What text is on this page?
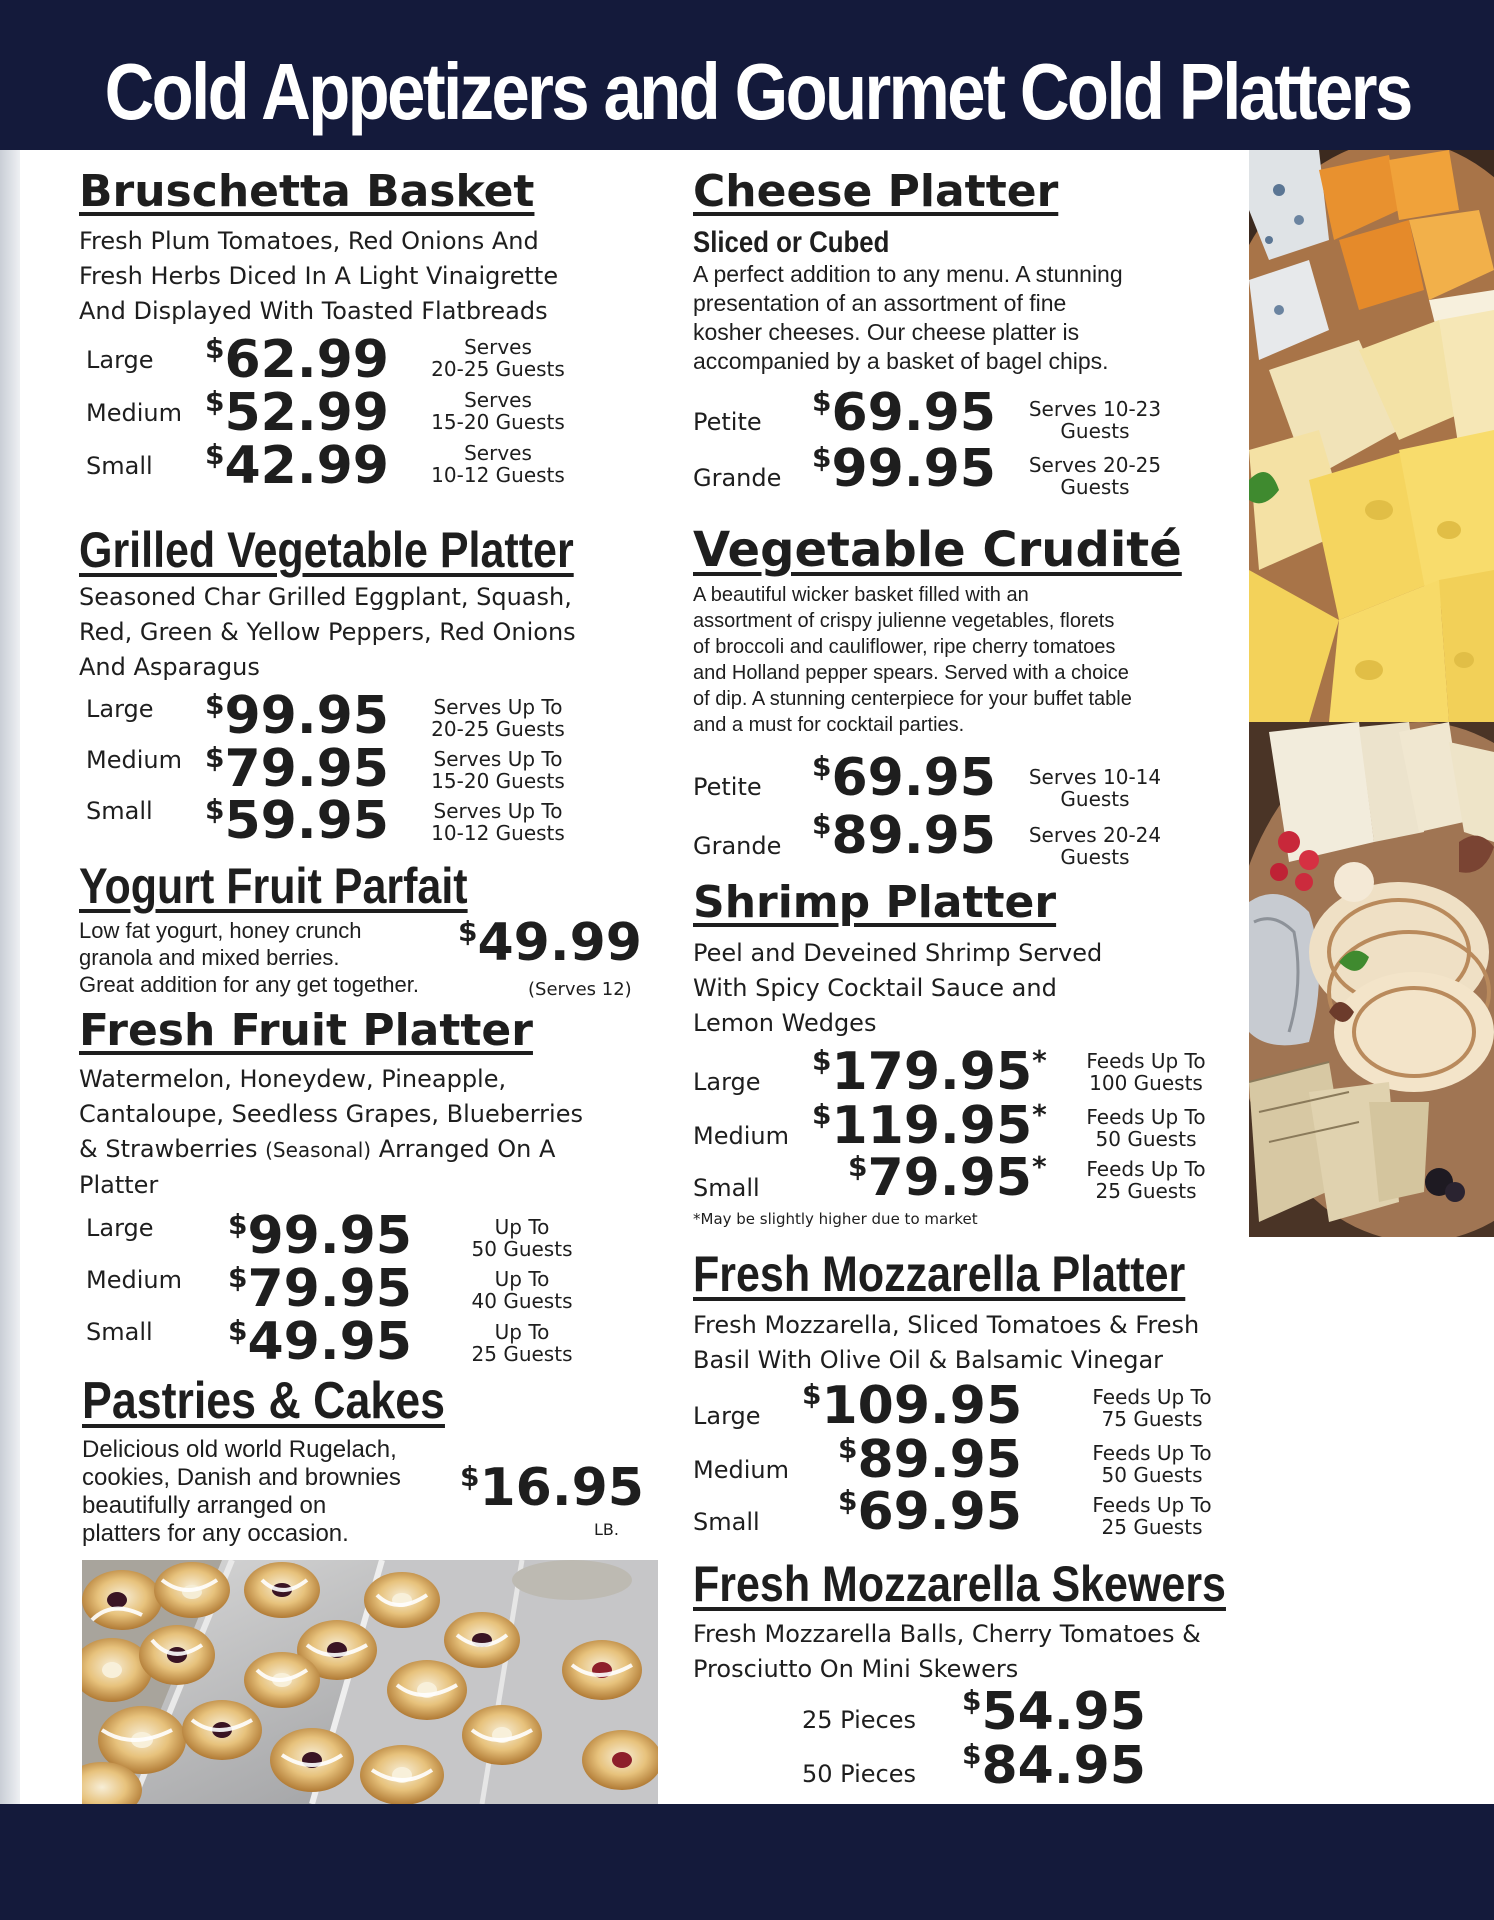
Cold Appetizers and Gourmet Cold Platters
Bruschetta Basket
Fresh Plum Tomatoes, Red Onions And
Fresh Herbs Diced In A Light Vinaigrette
And Displayed With Toasted Flatbreads
Large $62.99	Serves
20-25 Guests
Medium $52.99	Serves
15-20 Guests
Small $42.99	Serves
10-12 Guests
Grilled Vegetable Platter
Seasoned Char Grilled Eggplant, Squash,
Red, Green & Yellow Peppers, Red Onions
And Asparagus
Large $99.95	Serves Up To
20-25 Guests
Medium $79.95	Serves Up To
15-20 Guests
Small $59.95	Serves Up To
10-12 Guests
Yogurt Fruit Parfait
Low fat yogurt, honey crunch
granola and mixed berries.
Great addition for any get together.
$49.99
(Serves 12)
Fresh Fruit Platter
Watermelon, Honeydew, Pineapple,
Cantaloupe, Seedless Grapes, Blueberries
& Strawberries (Seasonal) Arranged On A
Platter
Large	$99.95	Up To
50 Guests
Medium $79.95	Up To
40 Guests
Small	$49.95	Up To
25 Guests
Pastries & Cakes
Delicious old world Rugelach,
cookies, Danish and brownies
beautifully arranged on
platters for any occasion.
$16.95
LB.
Cheese Platter
Sliced or Cubed
A perfect addition to any menu. A stunning
presentation of an assortment of fine
kosher cheeses. Our cheese platter is
accompanied by a basket of bagel chips.
Petite
$69.95	Serves 10-23
Guests
Grande
$99.95	Serves 20-25
Guests
Vegetable Crudité
A beautiful wicker basket filled with an
assortment of crispy julienne vegetables, florets
of broccoli and cauliflower, ripe cherry tomatoes
and Holland pepper spears. Served with a choice
of dip. A stunning centerpiece for your buffet table
and a must for cocktail parties.
Petite
$69.95	Serves 10-14
Guests
Grande
$89.95	Serves 20-24
Guests
Shrimp Platter
Peel and Deveined Shrimp Served
With Spicy Cocktail Sauce and
Lemon Wedges
Large
$179.95*	Feeds Up To
100 Guests
Medium
$119.95*	Feeds Up To
50 Guests
Small
$79.95*	Feeds Up To
25 Guests
*May be slightly higher due to market
Fresh Mozzarella Platter
Fresh Mozzarella, Sliced Tomatoes & Fresh
Basil With Olive Oil & Balsamic Vinegar
Large
$109.95	Feeds Up To
75 Guests
Medium
$89.95	Feeds Up To
50 Guests
Small
$69.95	Feeds Up To
25 Guests
Fresh Mozzarella Skewers
Fresh Mozzarella Balls, Cherry Tomatoes &
Prosciutto On Mini Skewers
25 Pieces
$54.95
50 Pieces
$84.95
